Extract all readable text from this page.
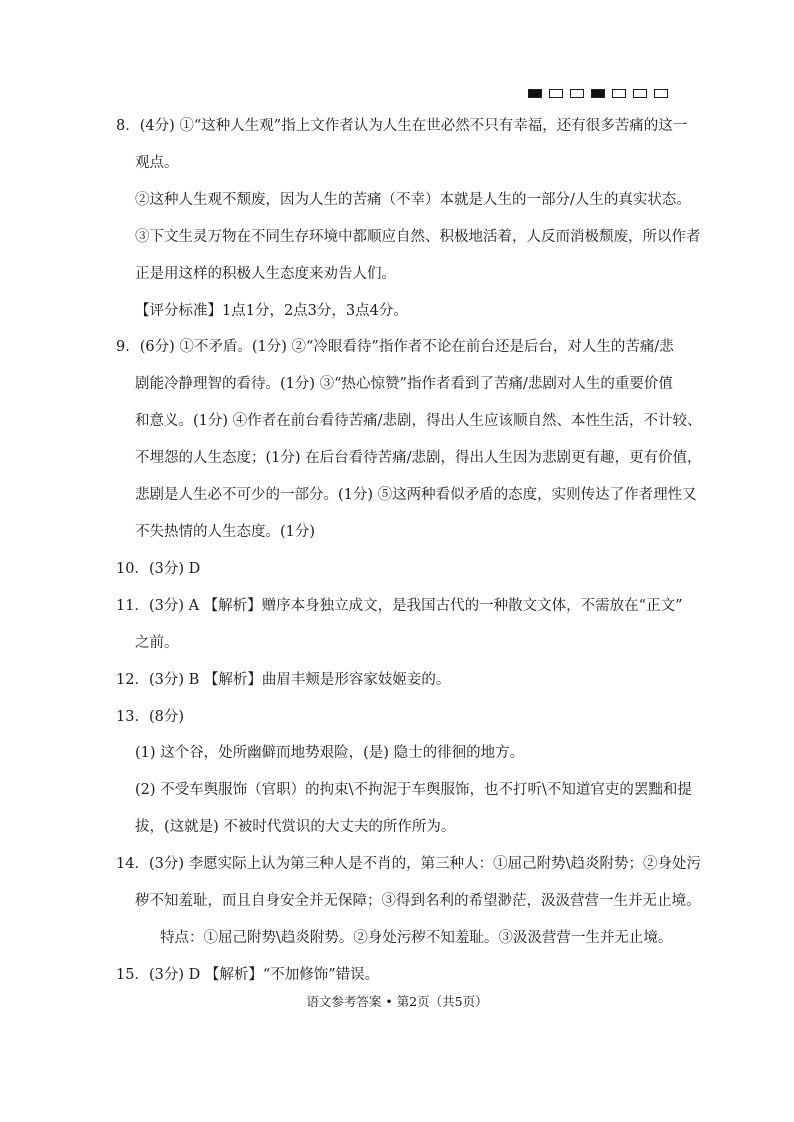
8．(4分) ①“这种人生观”指上文作者认为人生在世必然不只有幸福，还有很多苦痛的这一
观点。
②这种人生观不颓废，因为人生的苦痛（不幸）本就是人生的一部分/人生的真实状态。
③下文生灵万物在不同生存环境中都顺应自然、积极地活着，人反而消极颓废，所以作者
正是用这样的积极人生态度来劝告人们。
【评分标准】1点1分，2点3分，3点4分。
9．(6分) ①不矛盾。(1分) ②“冷眼看待”指作者不论在前台还是后台，对人生的苦痛/悲
剧能冷静理智的看待。(1分) ③“热心惊赞”指作者看到了苦痛/悲剧对人生的重要价值
和意义。(1分) ④作者在前台看待苦痛/悲剧，得出人生应该顺自然、本性生活，不计较、
不埋怨的人生态度；(1分) 在后台看待苦痛/悲剧，得出人生因为悲剧更有趣，更有价值，
悲剧是人生必不可少的一部分。(1分) ⑤这两种看似矛盾的态度，实则传达了作者理性又
不失热情的人生态度。(1分)
10．(3分) D
11．(3分) A 【解析】赠序本身独立成文，是我国古代的一种散文文体，不需放在“正文”
之前。
12．(3分) B 【解析】曲眉丰颊是形容家妓姬妾的。
13．(8分)
(1) 这个谷，处所幽僻而地势艰险，(是) 隐士的徘徊的地方。
(2) 不受车舆服饰（官职）的拘束\不拘泥于车舆服饰，也不打听\不知道官吏的罢黜和提
拔，(这就是) 不被时代赏识的大丈夫的所作所为。
14．(3分) 李愿实际上认为第三种人是不肖的，第三种人：①屈己附势\趋炎附势；②身处污
秽不知羞耻，而且自身安全并无保障；③得到名利的希望渺茫，汲汲营营一生并无止境。
特点：①屈己附势\趋炎附势。②身处污秽不知羞耻。③汲汲营营一生并无止境。
15．(3分) D 【解析】“不加修饰”错误。
语文参考答案 • 第2页（共5页）
